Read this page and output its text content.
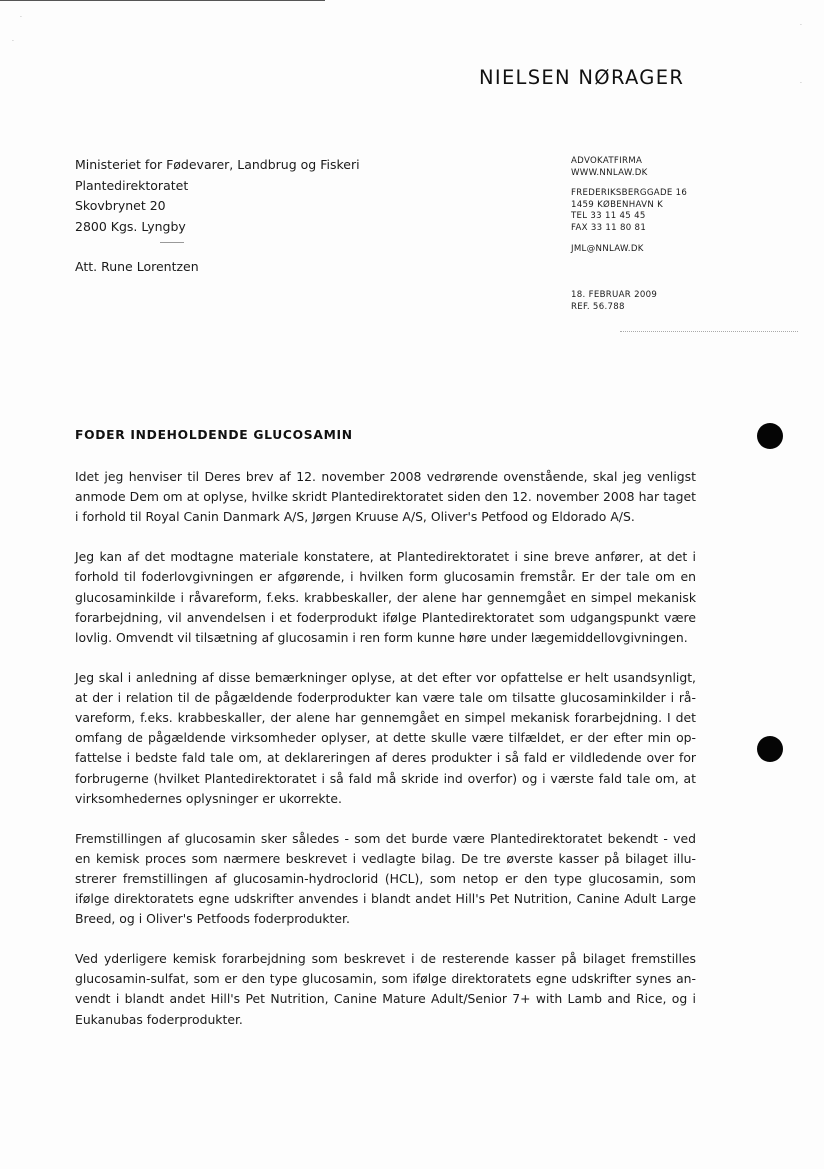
·
·
·
·
NIELSEN NØRAGER
Ministeriet for Fødevarer, Landbrug og Fiskeri
Plantedirektoratet
Skovbrynet 20
2800 Kgs. Lyngby
Att. Rune Lorentzen
ADVOKATFIRMA
WWW.NNLAW.DK
FREDERIKSBERGGADE 16
1459 KØBENHAVN K
TEL 33 11 45 45
FAX 33 11 80 81
JML@NNLAW.DK
18. FEBRUAR 2009
REF. 56.788
FODER INDEHOLDENDE GLUCOSAMIN

Idet jeg henviser til Deres brev af 12. november 2008 vedrørende ovenstående, skal jeg venligst anmode Dem om at oplyse, hvilke skridt Plantedirektoratet siden den 12. november 2008 har taget i forhold til Royal Canin Danmark A/S, Jørgen Kruuse A/S, Oliver's Petfood og Eldorado A/S.

Jeg kan af det modtagne materiale konstatere, at Plantedirektoratet i sine breve anfører, at det i forhold til foderlovgivningen er afgørende, i hvilken form glucosamin fremstår. Er der tale om en glucosaminkilde i råvareform, f.eks. krabbeskaller, der alene har gennemgået en simpel mekanisk forarbejdning, vil anvendelsen i et foderprodukt ifølge Plantedirektoratet som udgangspunkt være lovlig. Omvendt vil tilsætning af glucosamin i ren form kunne høre under lægemiddellovgivningen.

Jeg skal i anledning af disse bemærkninger oplyse, at det efter vor opfattelse er helt usandsynligt, at der i relation til de pågældende foderprodukter kan være tale om tilsatte glucosaminkilder i råvareform, f.eks. krabbeskaller, der alene har gennemgået en simpel mekanisk forarbejdning. I det omfang de pågældende virksomheder oplyser, at dette skulle være tilfældet, er der efter min opfattelse i bedste fald tale om, at deklareringen af deres produkter i så fald er vildledende over for forbrugerne (hvilket Plantedirektoratet i så fald må skride ind overfor) og i værste fald tale om, at virksomhedernes oplysninger er ukorrekte.

Fremstillingen af glucosamin sker således - som det burde være Plantedirektoratet bekendt - ved en kemisk proces som nærmere beskrevet i vedlagte bilag. De tre øverste kasser på bilaget illustrerer fremstillingen af glucosamin-hydroclorid (HCL), som netop er den type glucosamin, som ifølge direktoratets egne udskrifter anvendes i blandt andet Hill's Pet Nutrition, Canine Adult Large Breed, og i Oliver's Petfoods foderprodukter.

Ved yderligere kemisk forarbejdning som beskrevet i de resterende kasser på bilaget fremstilles glucosamin-sulfat, som er den type glucosamin, som ifølge direktoratets egne udskrifter synes anvendt i blandt andet Hill's Pet Nutrition, Canine Mature Adult/Senior 7+ with Lamb and Rice, og i Eukanubas foderprodukter.
